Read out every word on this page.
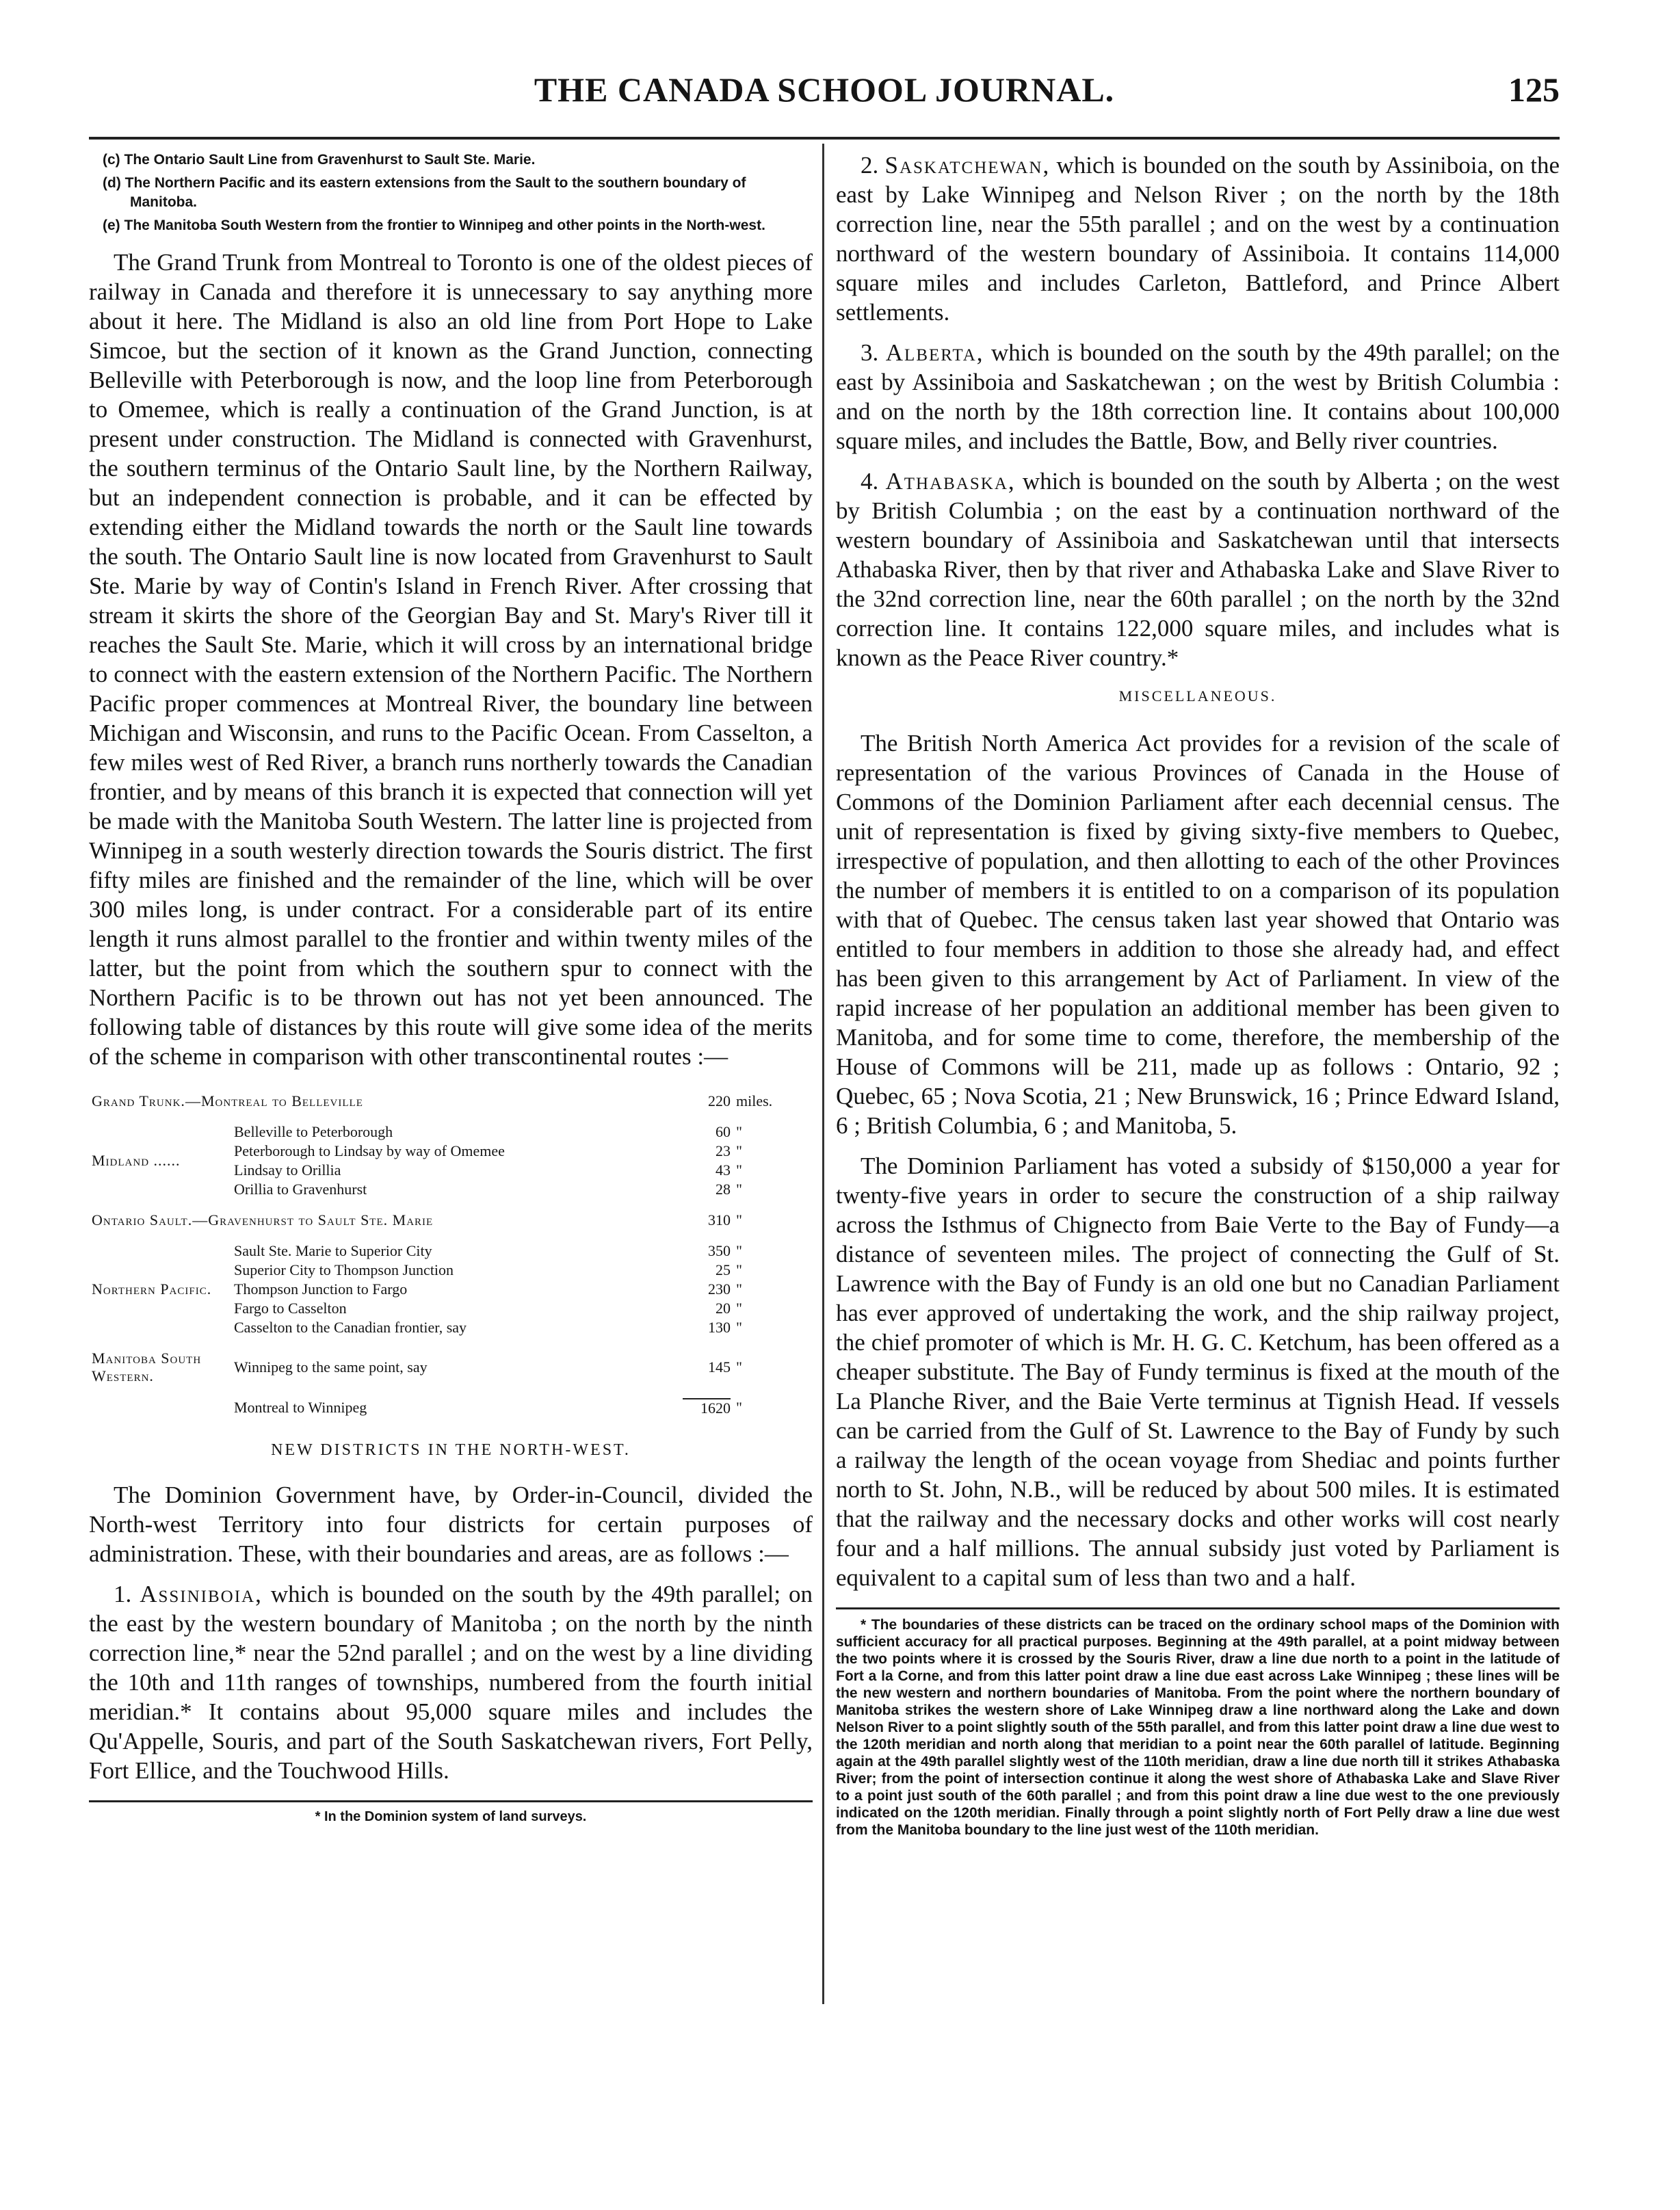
THE CANADA SCHOOL JOURNAL.	125
(c) The Ontario Sault Line from Gravenhurst to Sault Ste. Marie.
(d) The Northern Pacific and its eastern extensions from the Sault to the southern boundary of Manitoba.
(e) The Manitoba South Western from the frontier to Winnipeg and other points in the North-west.

The Grand Trunk from Montreal to Toronto is one of the oldest pieces of railway in Canada and therefore it is unnecessary to say anything more about it here. The Midland is also an old line from Port Hope to Lake Simcoe, but the section of it known as the Grand Junction, connecting Belleville with Peterborough is now, and the loop line from Peterborough to Omemee, which is really a continuation of the Grand Junction, is at present under construction. The Midland is connected with Gravenhurst, the southern terminus of the Ontario Sault line, by the Northern Railway, but an independent connection is probable, and it can be effected by extending either the Midland towards the north or the Sault line towards the south. The Ontario Sault line is now located from Gravenhurst to Sault Ste. Marie by way of Contin's Island in French River. After crossing that stream it skirts the shore of the Georgian Bay and St. Mary's River till it reaches the Sault Ste. Marie, which it will cross by an international bridge to connect with the eastern extension of the Northern Pacific. The Northern Pacific proper commences at Montreal River, the boundary line between Michigan and Wisconsin, and runs to the Pacific Ocean. From Casselton, a few miles west of Red River, a branch runs northerly towards the Canadian frontier, and by means of this branch it is expected that connection will yet be made with the Manitoba South Western. The latter line is projected from Winnipeg in a south westerly direction towards the Souris district. The first fifty miles are finished and the remainder of the line, which will be over 300 miles long, is under contract. For a considerable part of its entire length it runs almost parallel to the frontier and within twenty miles of the latter, but the point from which the southern spur to connect with the Northern Pacific is to be thrown out has not yet been announced. The following table of distances by this route will give some idea of the merits of the scheme in comparison with other transcontinental routes :—

Grand Trunk.—Montreal to Belleville		220	miles.
Midland ......	Belleville to Peterborough	60	"
	Peterborough to Lindsay by way of Omemee	23	"
	Lindsay to Orillia	43	"
	Orillia to Gravenhurst	28	"
Ontario Sault.—Gravenhurst to Sault Ste. Marie		310	"
Northern Pacific.	Sault Ste. Marie to Superior City	350	"
	Superior City to Thompson Junction	25	"
	Thompson Junction to Fargo	230	"
	Fargo to Casselton	20	"
	Casselton to the Canadian frontier, say	130	"
Manitoba South Western.	Winnipeg to the same point, say	145	"
	Montreal to Winnipeg	1620	"
NEW DISTRICTS IN THE NORTH-WEST.

The Dominion Government have, by Order-in-Council, divided the North-west Territory into four districts for certain purposes of administration. These, with their boundaries and areas, are as follows :—

1. Assiniboia, which is bounded on the south by the 49th parallel; on the east by the western boundary of Manitoba ; on the north by the ninth correction line,* near the 52nd parallel ; and on the west by a line dividing the 10th and 11th ranges of townships, numbered from the fourth initial meridian.* It contains about 95,000 square miles and includes the Qu'Appelle, Souris, and part of the South Saskatchewan rivers, Fort Pelly, Fort Ellice, and the Touchwood Hills.

* In the Dominion system of land surveys.

2. Saskatchewan, which is bounded on the south by Assiniboia, on the east by Lake Winnipeg and Nelson River ; on the north by the 18th correction line, near the 55th parallel ; and on the west by a continuation northward of the western boundary of Assiniboia. It contains 114,000 square miles and includes Carleton, Battleford, and Prince Albert settlements.

3. Alberta, which is bounded on the south by the 49th parallel; on the east by Assiniboia and Saskatchewan ; on the west by British Columbia : and on the north by the 18th correction line. It contains about 100,000 square miles, and includes the Battle, Bow, and Belly river countries.

4. Athabaska, which is bounded on the south by Alberta ; on the west by British Columbia ; on the east by a continuation northward of the western boundary of Assiniboia and Saskatchewan until that intersects Athabaska River, then by that river and Athabaska Lake and Slave River to the 32nd correction line, near the 60th parallel ; on the north by the 32nd correction line. It contains 122,000 square miles, and includes what is known as the Peace River country.*

MISCELLANEOUS.

The British North America Act provides for a revision of the scale of representation of the various Provinces of Canada in the House of Commons of the Dominion Parliament after each decennial census. The unit of representation is fixed by giving sixty-five members to Quebec, irrespective of population, and then allotting to each of the other Provinces the number of members it is entitled to on a comparison of its population with that of Quebec. The census taken last year showed that Ontario was entitled to four members in addition to those she already had, and effect has been given to this arrangement by Act of Parliament. In view of the rapid increase of her population an additional member has been given to Manitoba, and for some time to come, therefore, the membership of the House of Commons will be 211, made up as follows : Ontario, 92 ; Quebec, 65 ; Nova Scotia, 21 ; New Brunswick, 16 ; Prince Edward Island, 6 ; British Columbia, 6 ; and Manitoba, 5.

The Dominion Parliament has voted a subsidy of $150,000 a year for twenty-five years in order to secure the construction of a ship railway across the Isthmus of Chignecto from Baie Verte to the Bay of Fundy—a distance of seventeen miles. The project of connecting the Gulf of St. Lawrence with the Bay of Fundy is an old one but no Canadian Parliament has ever approved of undertaking the work, and the ship railway project, the chief promoter of which is Mr. H. G. C. Ketchum, has been offered as a cheaper substitute. The Bay of Fundy terminus is fixed at the mouth of the La Planche River, and the Baie Verte terminus at Tignish Head. If vessels can be carried from the Gulf of St. Lawrence to the Bay of Fundy by such a railway the length of the ocean voyage from Shediac and points further north to St. John, N.B., will be reduced by about 500 miles. It is estimated that the railway and the necessary docks and other works will cost nearly four and a half millions. The annual subsidy just voted by Parliament is equivalent to a capital sum of less than two and a half.

* The boundaries of these districts can be traced on the ordinary school maps of the Dominion with sufficient accuracy for all practical purposes. Beginning at the 49th parallel, at a point midway between the two points where it is crossed by the Souris River, draw a line due north to a point in the latitude of Fort a la Corne, and from this latter point draw a line due east across Lake Winnipeg ; these lines will be the new western and northern boundaries of Manitoba. From the point where the northern boundary of Manitoba strikes the western shore of Lake Winnipeg draw a line northward along the Lake and down Nelson River to a point slightly south of the 55th parallel, and from this latter point draw a line due west to the 120th meridian and north along that meridian to a point near the 60th parallel of latitude. Beginning again at the 49th parallel slightly west of the 110th meridian, draw a line due north till it strikes Athabaska River; from the point of intersection continue it along the west shore of Athabaska Lake and Slave River to a point just south of the 60th parallel ; and from this point draw a line due west to the one previously indicated on the 120th meridian. Finally through a point slightly north of Fort Pelly draw a line due west from the Manitoba boundary to the line just west of the 110th meridian.
